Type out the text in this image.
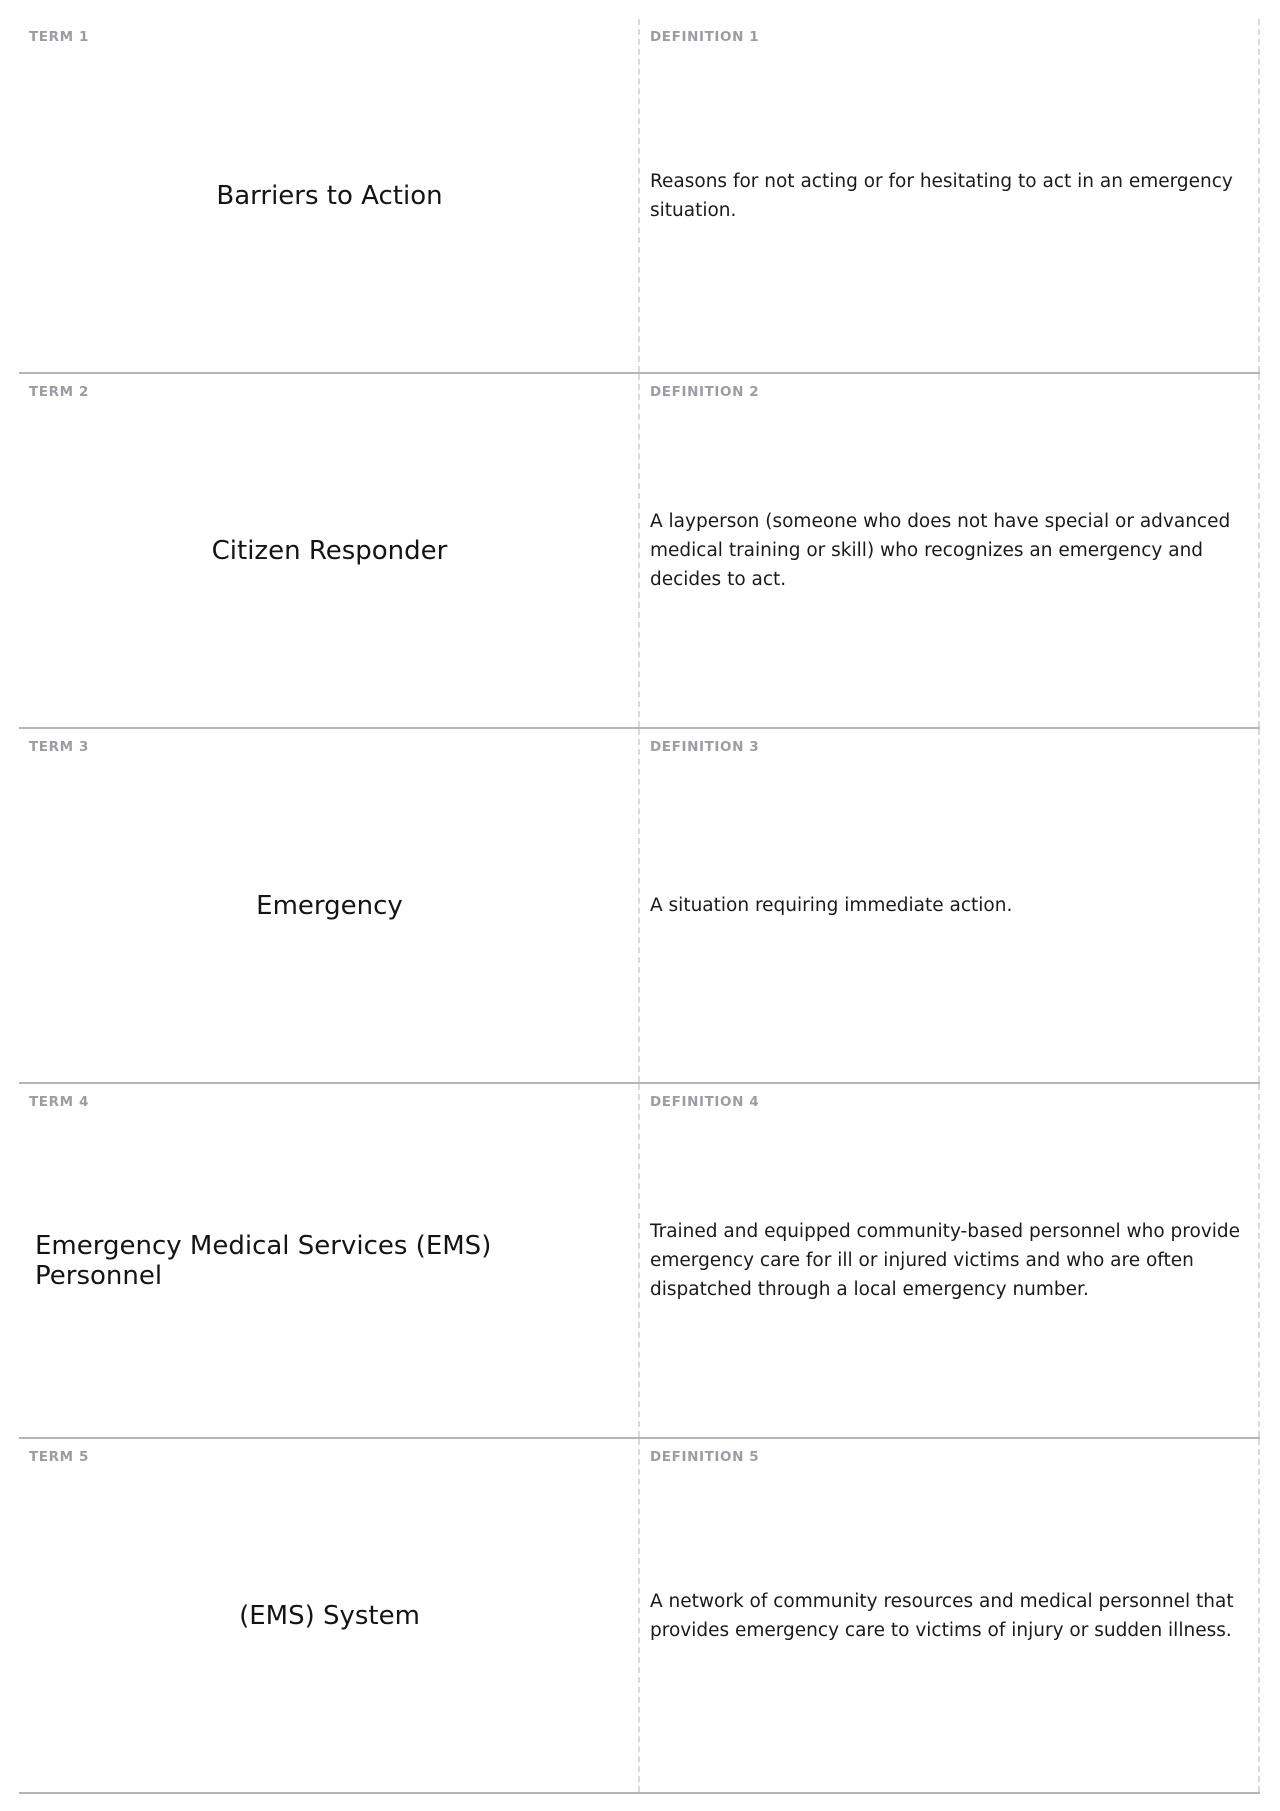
TERM 1
Barriers to Action
DEFINITION 1
Reasons for not acting or for hesitating to act in an emergency situation.
TERM 2
Citizen Responder
DEFINITION 2
A layperson (someone who does not have special or advanced medical training or skill) who recognizes an emergency and decides to act.
TERM 3
Emergency
DEFINITION 3
A situation requiring immediate action.
TERM 4
Emergency Medical Services (EMS) Personnel
DEFINITION 4
Trained and equipped community-based personnel who provide emergency care for ill or injured victims and who are often dispatched through a local emergency number.
TERM 5
(EMS) System
DEFINITION 5
A network of community resources and medical personnel that provides emergency care to victims of injury or sudden illness.
